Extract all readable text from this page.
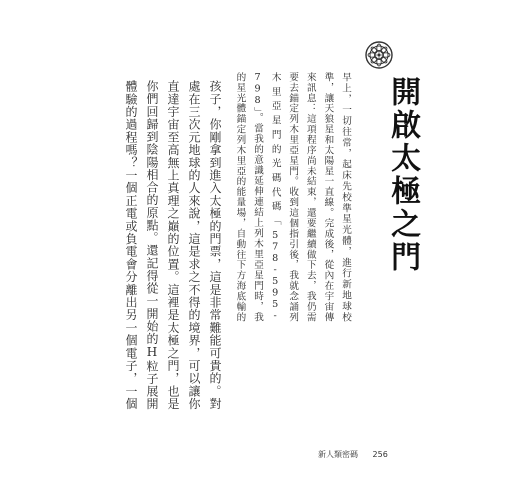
開啟太極之門

早上，一切往常，起床先校準星光體，進行新地球校準，讓天狼星和太陽星一直線。完成後，從內在宇宙傳來訊息：這項程序尚未結束，還要繼續做下去，我仍需要去錨定列木里亞星門。收到這個指引後，我就念誦列木里亞星門的光碼代碼「578-595-798」。當我的意識延伸連結上列木里亞星門時，我的星光體錨定列木里亞的能量場，自動往下方海底輸的

孩子，你剛拿到進入太極的門票，這是非常難能可貴的。對處在三次元地球的人來說，這是求之不得的境界，可以讓你直達宇宙至高無上真理之巔的位置。這裡是太極之門，也是你們回歸到陰陽相合的原點。還記得從一開始的H粒子展開體驗的過程嗎？一個正電或負電會分離出另一個電子，一個

新人類密碼 256
